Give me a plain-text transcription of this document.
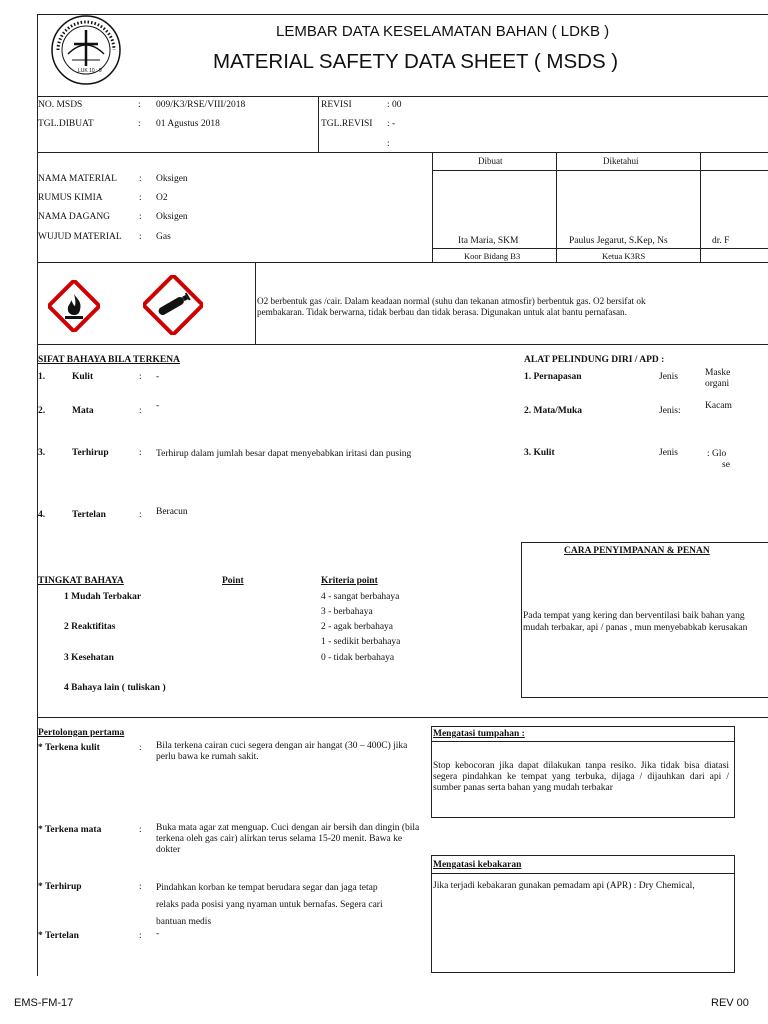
LUK 10 : 9
LEMBAR DATA KESELAMATAN BAHAN ( LDKB )
MATERIAL SAFETY DATA SHEET ( MSDS )
NO. MSDS	: 009/K3/RSE/VIII/2018	REVISI	: 00
TGL.DIBUAT	: 01 Agustus 2018	TGL.REVISI : -
:
NAMA MATERIAL : Oksigen
RUMUS KIMIA	: O2
NAMA DAGANG	: Oksigen
WUJUD MATERIAL : Gas
Dibuat	Diketahui
Ita Maria, SKM	Paulus Jegarut, S.Kep, Ns	dr. F
Koor Bidang B3	Ketua K3RS
O2 berbentuk gas /cair. Dalam keadaan normal (suhu dan tekanan atmosfir) berbentuk gas. O2 bersifat ok
pembakaran. Tidak berwarna, tidak berbau dan tidak berasa. Digunakan untuk alat bantu pernafasan.
SIFAT BAHAYA BILA TERKENA
1.	Kulit	: -
2.	Mata	: -
3.	Terhirup	: Terhirup dalam jumlah besar dapat menyebabkan iritasi dan pusing
4.	Tertelan	: Beracun
ALAT PELINDUNG DIRI / APD :
1. Pernapasan	Jenis	Maske
organi
2. Mata/Muka	Jenis:	Kacam
3. Kulit	Jenis	: Glo
se
CARA PENYIMPANAN & PENAN
Pada tempat yang kering dan berventilasi baik bahan yang mudah terbakar, api / panas , mun menyebabkab kerusakan
TINGKAT BAHAYA	Point	Kriteria point
1 Mudah Terbakar
2 Reaktifitas
3 Kesehatan
4 Bahaya lain ( tuliskan )
4 - sangat berbahaya
3 - berbahaya
2 - agak berbahaya
1 - sedikit berbahaya
0 - tidak berbahaya
Pertolongan pertama
* Terkena kulit	: Bila terkena cairan cuci segera dengan air hangat (30 – 400C) jika perlu bawa ke rumah sakit.
* Terkena mata	: Buka mata agar zat menguap. Cuci dengan air bersih dan dingin (bila terkena oleh gas cair) alirkan terus selama 15-20 menit. Bawa ke dokter
* Terhirup	: Pindahkan korban ke tempat berudara segar dan jaga tetap relaks pada posisi yang nyaman untuk bernafas. Segera cari bantuan medis
* Tertelan	: -
Mengatasi tumpahan :
Stop kebocoran jika dapat dilakukan tanpa resiko. Jika tidak bisa diatasi segera pindahkan ke tempat yang terbuka, dijaga / dijauhkan dari api / sumber panas serta bahan yang mudah terbakar
Mengatasi kebakaran
Jika terjadi kebakaran gunakan pemadam api (APR) : Dry Chemical,
EMS-FM-17	REV 00
